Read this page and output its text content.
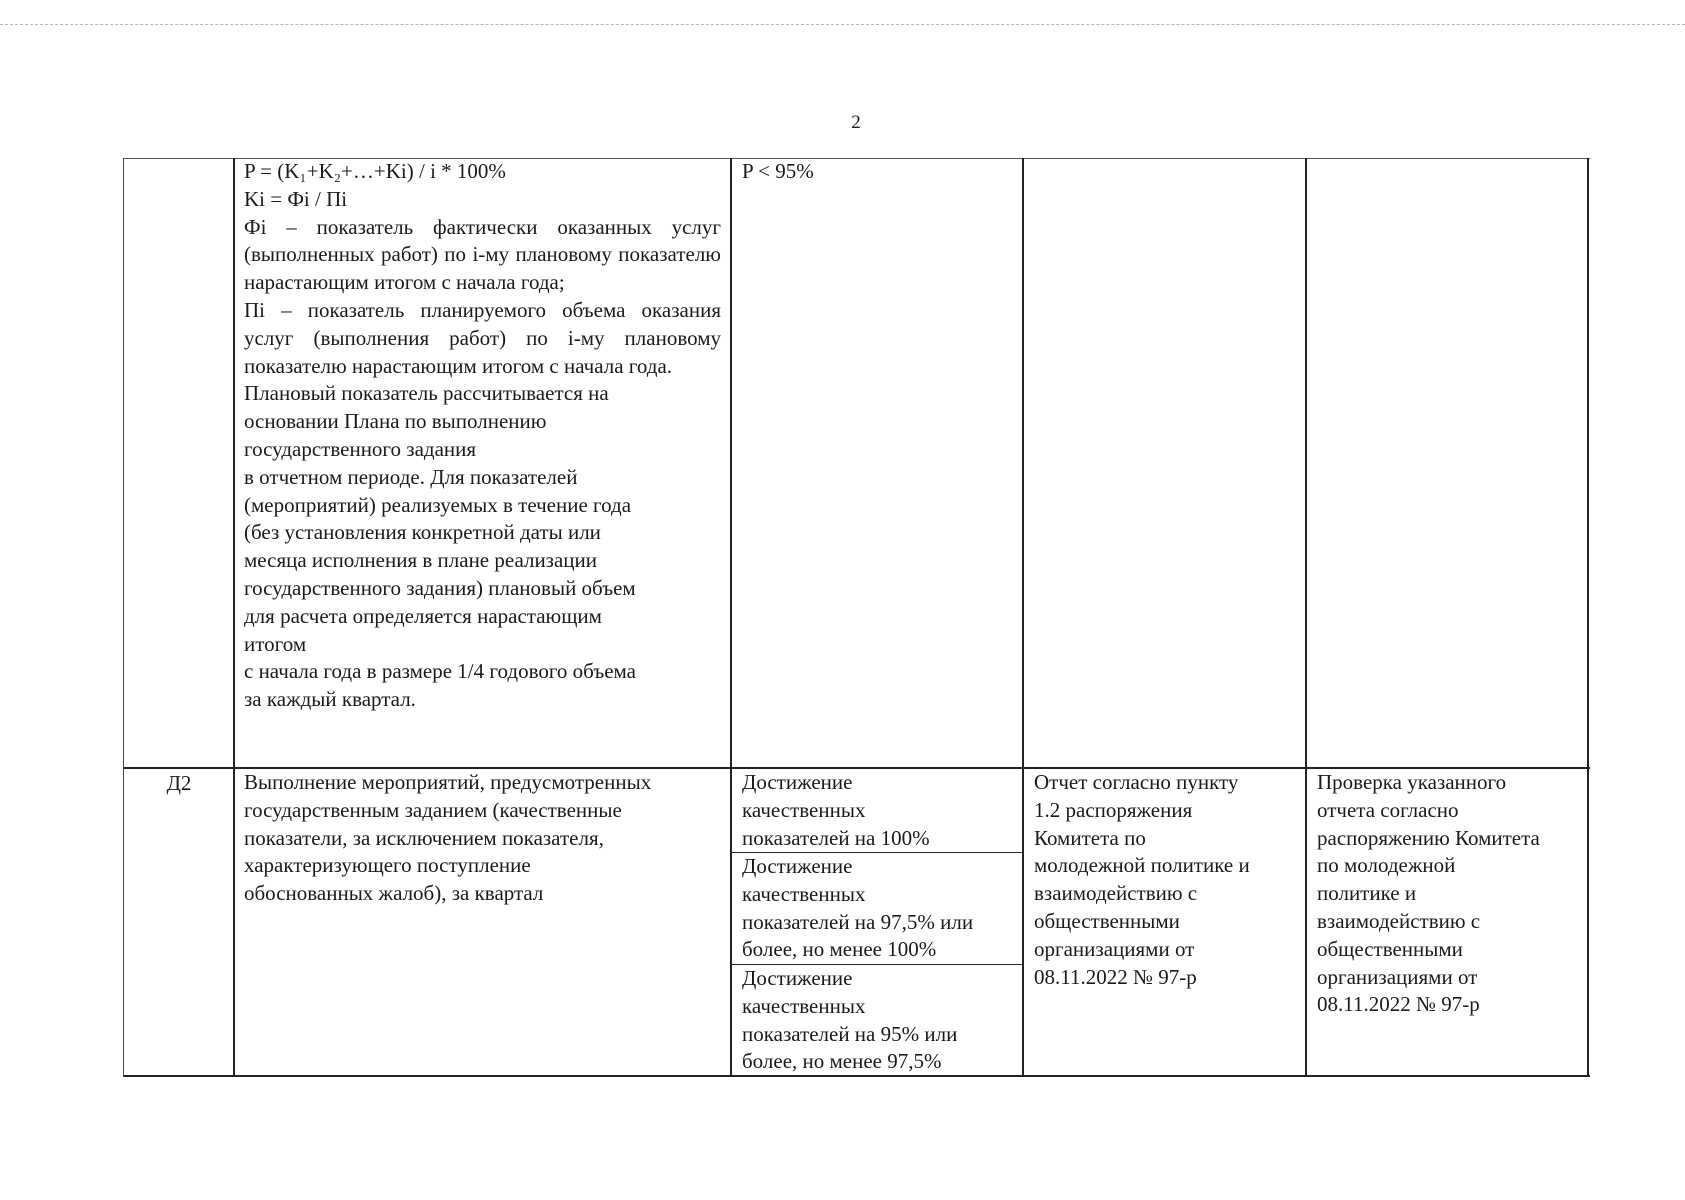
2
P = (K₁+K₂+…+Ki) / i * 100%
Ki = Фi / Пi
Фi – показатель фактически оказанных услуг (выполненных работ) по i-му плановому показателю нарастающим итогом с начала года;
Пi – показатель планируемого объема оказания услуг (выполнения работ) по i-му плановому показателю нарастающим итогом с начала года.
Плановый показатель рассчитывается на
основании Плана по выполнению
государственного задания
в отчетном периоде. Для показателей
(мероприятий) реализуемых в течение года
(без установления конкретной даты или
месяца исполнения в плане реализации
государственного задания) плановый объем
для расчета определяется нарастающим
итогом
с начала года в размере 1/4 годового объема
за каждый квартал.
P < 95%
Д2	Выполнение мероприятий, предусмотренных
государственным заданием (качественные
показатели, за исключением показателя,
характеризующего поступление
обоснованных жалоб), за квартал
Достижение
качественных
показателей на 100%
Достижение
качественных
показателей на 97,5% или
более, но менее 100%
Достижение
качественных
показателей на 95% или
более, но менее 97,5%
Отчет согласно пункту
1.2 распоряжения
Комитета по
молодежной политике и
взаимодействию с
общественными
организациями от
08.11.2022 № 97-р
Проверка указанного
отчета согласно
распоряжению Комитета
по молодежной
политике и
взаимодействию с
общественными
организациями от
08.11.2022 № 97-р
